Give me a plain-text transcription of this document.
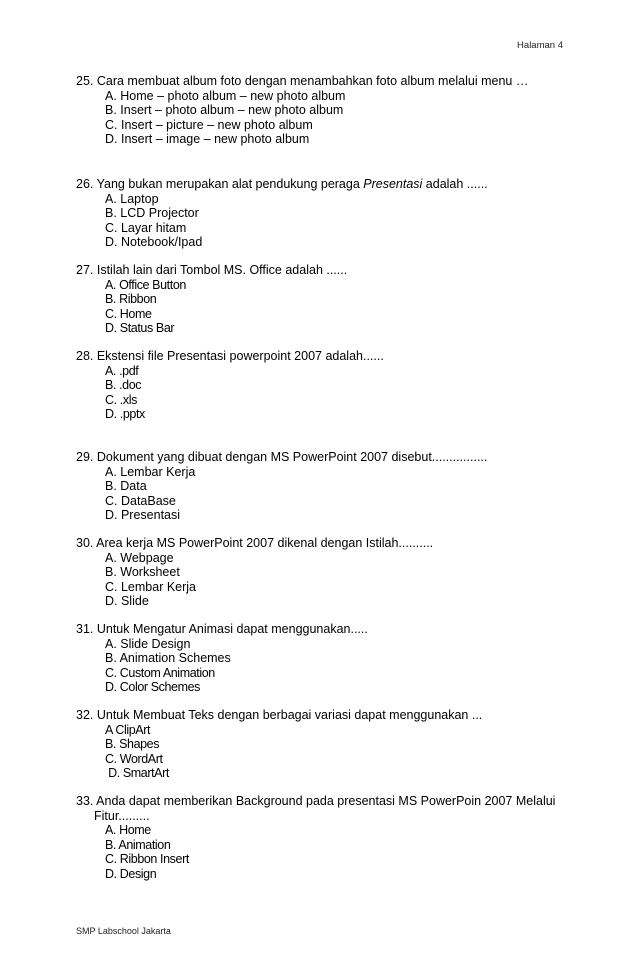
Halaman 4
25. Cara membuat album foto dengan menambahkan foto album melalui menu …
A. Home – photo album – new photo album
B. Insert – photo album – new photo album
C. Insert – picture – new photo album
D. Insert – image – new photo album
26. Yang bukan merupakan alat pendukung peraga Presentasi adalah ......
A. Laptop
B. LCD Projector
C. Layar hitam
D. Notebook/Ipad
27. Istilah lain dari Tombol MS. Office adalah ......
A. Office Button
B. Ribbon
C. Home
D. Status Bar
28. Ekstensi file Presentasi powerpoint 2007 adalah......
A. .pdf
B. .doc
C. .xls
D. .pptx
29. Dokument yang dibuat dengan MS PowerPoint 2007 disebut................
A. Lembar Kerja
B. Data
C. DataBase
D. Presentasi
30. Area kerja MS PowerPoint 2007 dikenal dengan Istilah..........
A. Webpage
B. Worksheet
C. Lembar Kerja
D. Slide
31. Untuk Mengatur Animasi dapat menggunakan.....
A. Slide Design
B. Animation Schemes
C. Custom Animation
D. Color Schemes
32. Untuk Membuat Teks dengan berbagai variasi dapat menggunakan ...
A ClipArt
B. Shapes
C. WordArt
D. SmartArt
33. Anda dapat memberikan Background pada presentasi MS PowerPoin 2007 Melalui Fitur.........
A. Home
B. Animation
C. Ribbon Insert
D. Design
SMP Labschool Jakarta
